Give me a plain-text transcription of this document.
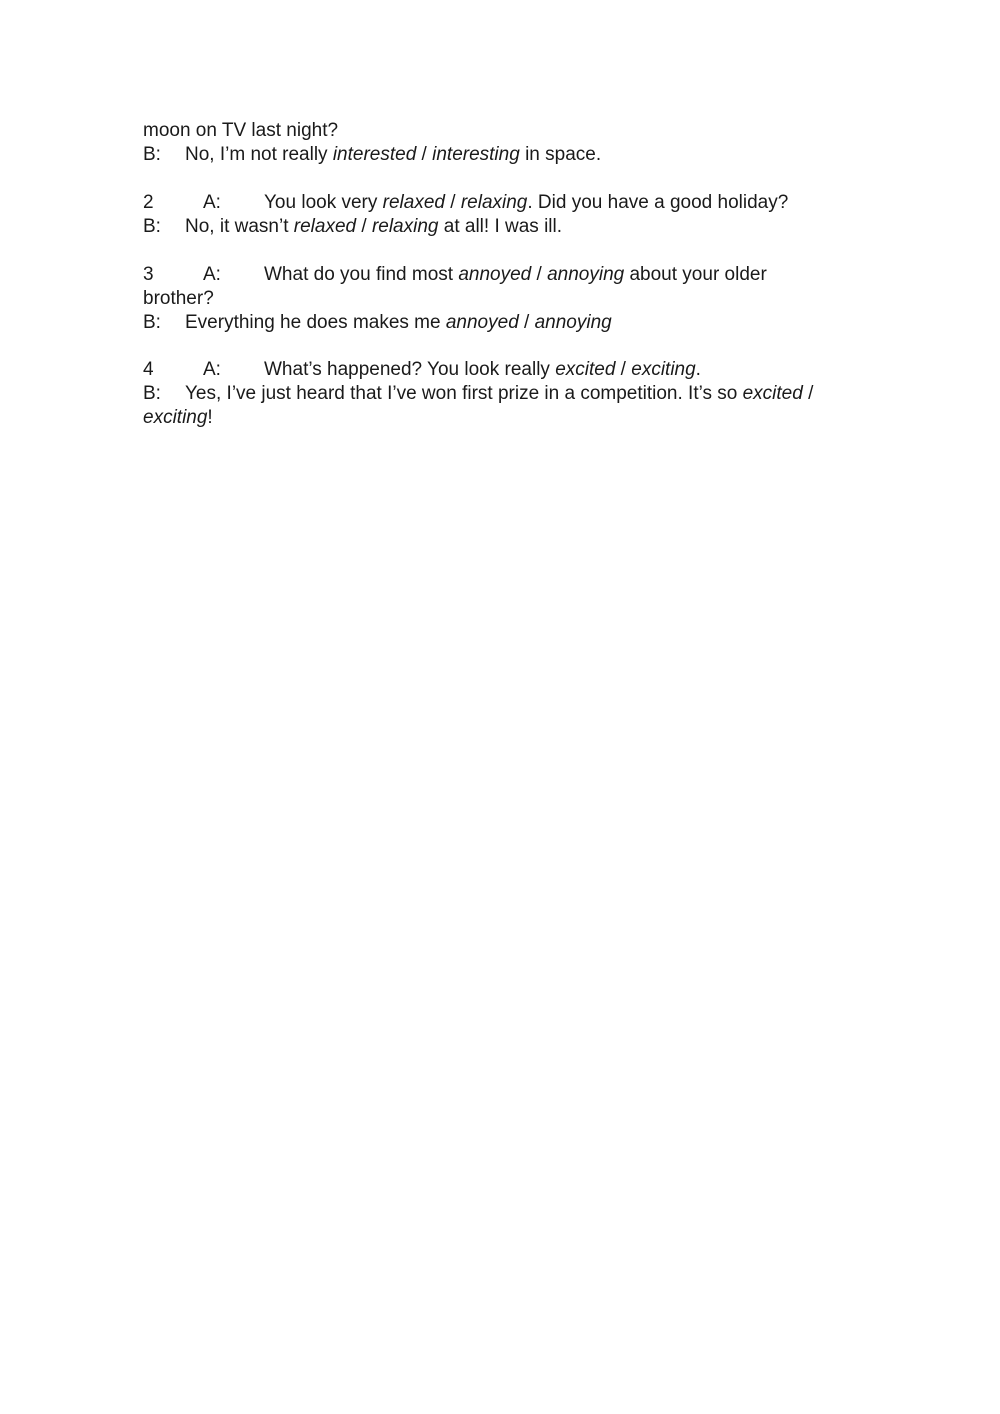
moon on TV last night?
B: No, I’m not really interested / interesting in space.
2	A: You look very relaxed / relaxing. Did you have a good holiday?
B: No, it wasn’t relaxed / relaxing at all! I was ill.
3	A: What do you find most annoyed / annoying about your older
brother?
B: Everything he does makes me annoyed / annoying
4	A: What’s happened? You look really excited / exciting.
B: Yes, I’ve just heard that I’ve won first prize in a competition. It’s so excited /
exciting!
